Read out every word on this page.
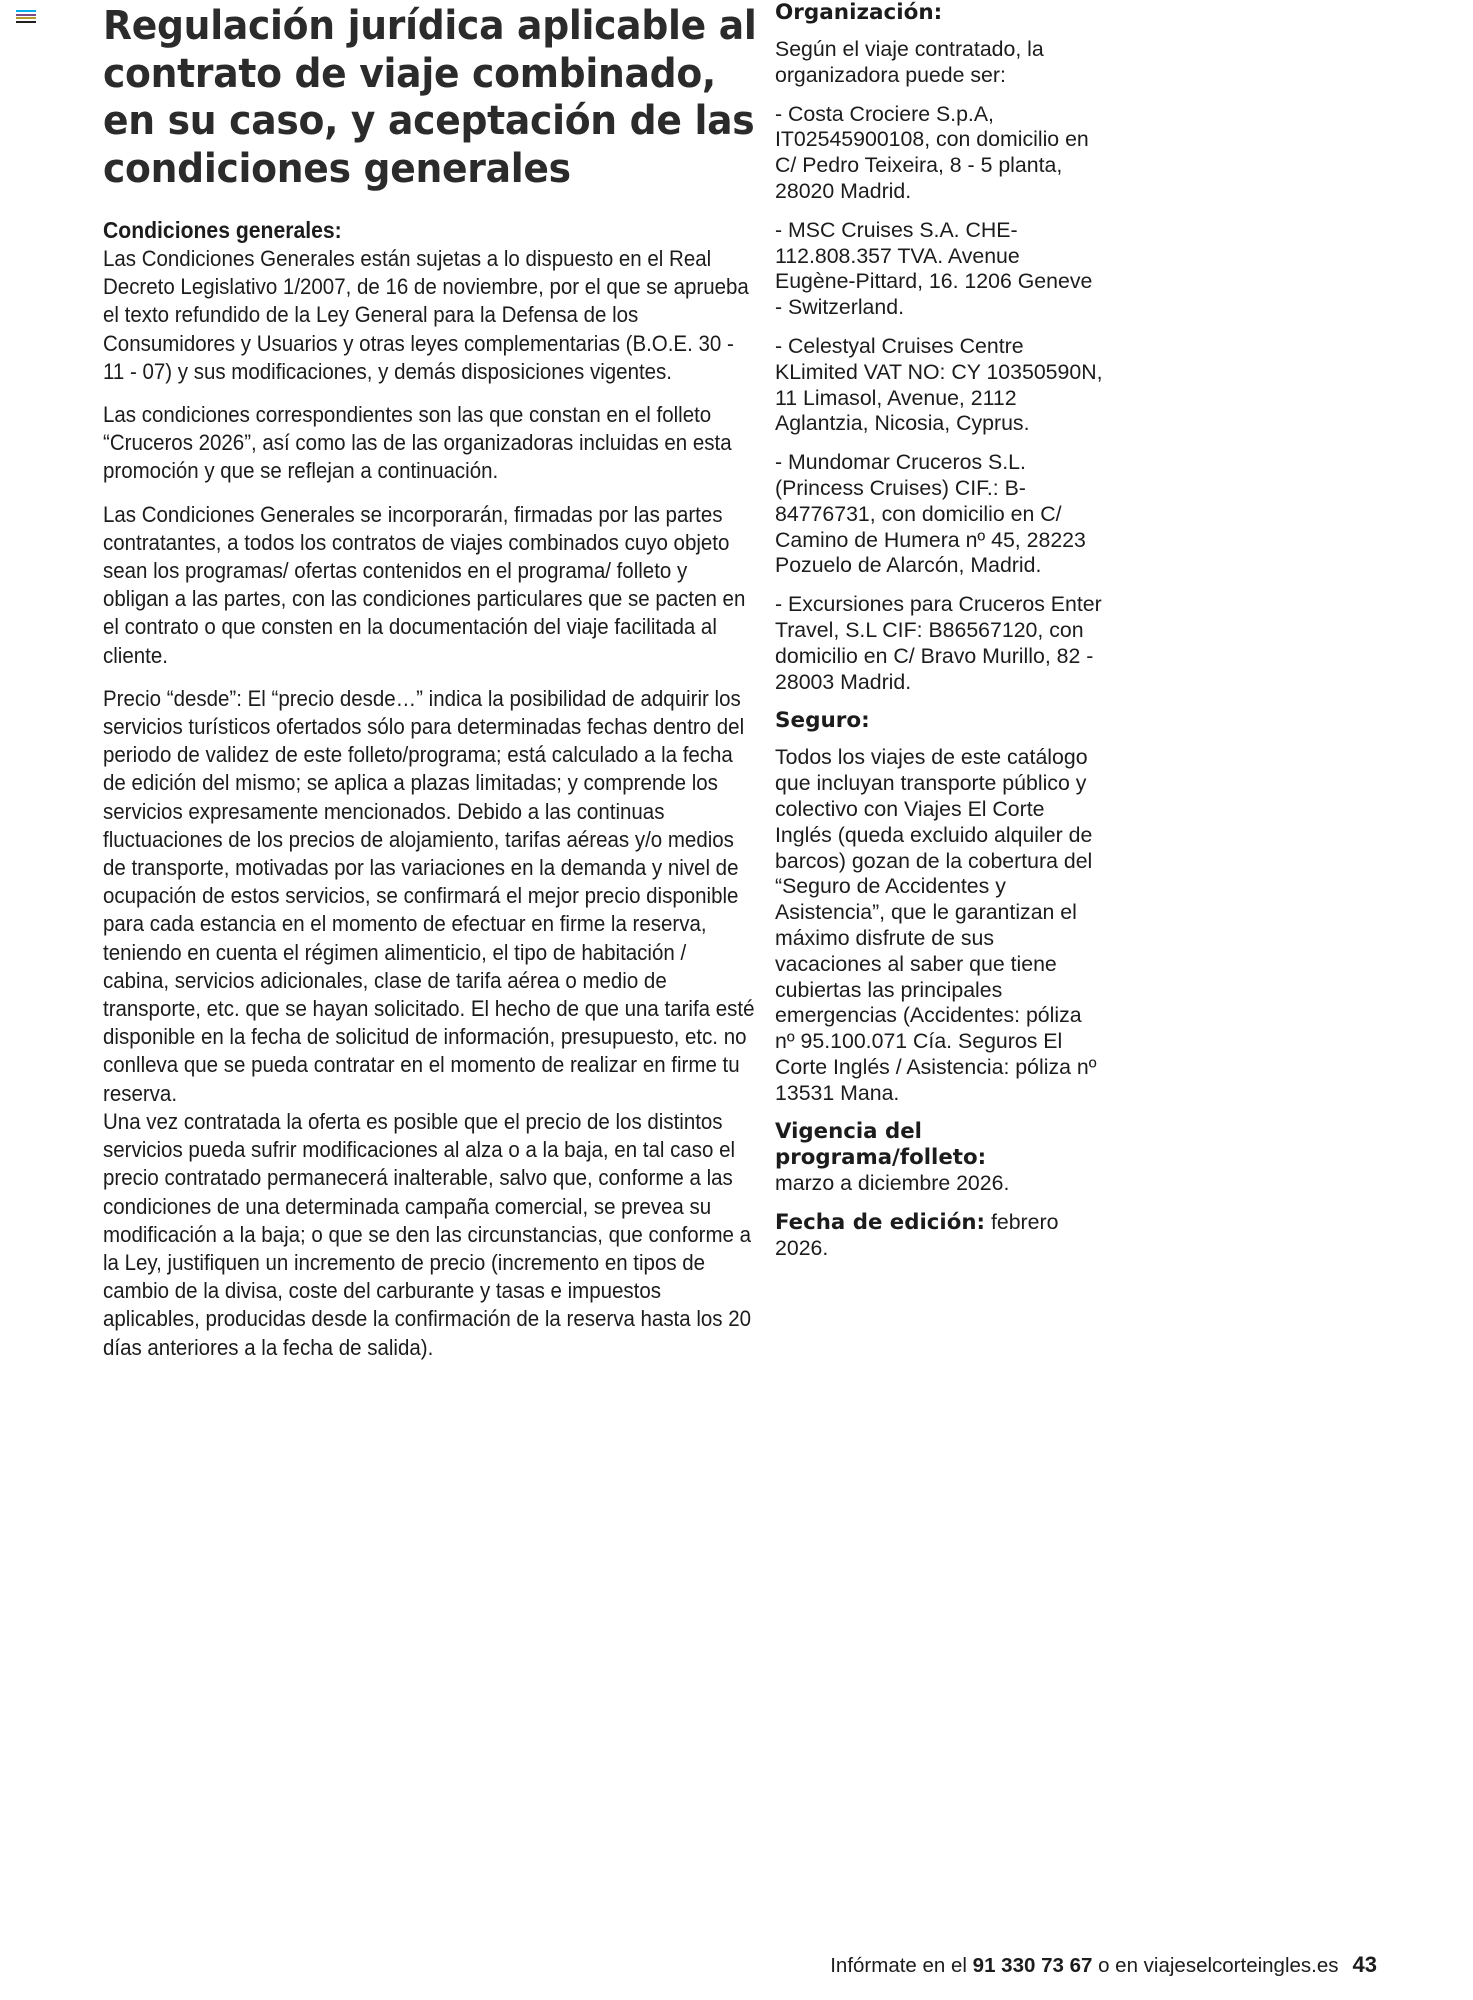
Regulación jurídica aplicable al contrato de viaje combinado, en su caso, y aceptación de las condiciones generales
Condiciones generales:

Las Condiciones Generales están sujetas a lo dispuesto en el Real Decreto Legislativo 1/2007, de 16 de noviembre, por el que se aprueba el texto refundido de la Ley General para la Defensa de los Consumidores y Usuarios y otras leyes complementarias (B.O.E. 30 - 11 - 07) y sus modificaciones, y demás disposiciones vigentes.

Las condiciones correspondientes son las que constan en el folleto “Cruceros 2026”, así como las de las organizadoras incluidas en esta promoción y que se reflejan a continuación.

Las Condiciones Generales se incorporarán, firmadas por las partes contratantes, a todos los contratos de viajes combinados cuyo objeto sean los programas/ ofertas contenidos en el programa/ folleto y obligan a las partes, con las condiciones particulares que se pacten en el contrato o que consten en la documentación del viaje facilitada al cliente.

Precio “desde”: El “precio desde…” indica la posibilidad de adquirir los servicios turísticos ofertados sólo para determinadas fechas dentro del periodo de validez de este folleto/programa; está calculado a la fecha de edición del mismo; se aplica a plazas limitadas; y comprende los servicios expresamente mencionados. Debido a las continuas fluctuaciones de los precios de alojamiento, tarifas aéreas y/o medios de transporte, motivadas por las variaciones en la demanda y nivel de ocupación de estos servicios, se confirmará el mejor precio disponible para cada estancia en el momento de efectuar en firme la reserva, teniendo en cuenta el régimen alimenticio, el tipo de habitación / cabina, servicios adicionales, clase de tarifa aérea o medio de transporte, etc. que se hayan solicitado. El hecho de que una tarifa esté disponible en la fecha de solicitud de información, presupuesto, etc. no conlleva que se pueda contratar en el momento de realizar en firme tu reserva.

Una vez contratada la oferta es posible que el precio de los distintos servicios pueda sufrir modificaciones al alza o a la baja, en tal caso el precio contratado permanecerá inalterable, salvo que, conforme a las condiciones de una determinada campaña comercial, se prevea su modificación a la baja; o que se den las circunstancias, que conforme a la Ley, justifiquen un incremento de precio (incremento en tipos de cambio de la divisa, coste del carburante y tasas e impuestos aplicables, producidas desde la confirmación de la reserva hasta los 20 días anteriores a la fecha de salida).

Organización:

Según el viaje contratado, la organizadora puede ser:

- Costa Crociere S.p.A, IT02545900108, con domicilio en C/ Pedro Teixeira, 8 - 5 planta, 28020 Madrid.

- MSC Cruises S.A. CHE-112.808.357 TVA. Avenue Eugène-Pittard, 16. 1206 Geneve - Switzerland.

- Celestyal Cruises Centre KLimited VAT NO: CY 10350590N, 11 Limasol, Avenue, 2112 Aglantzia, Nicosia, Cyprus.

- Mundomar Cruceros S.L. (Princess Cruises) CIF.: B-84776731, con domicilio en C/ Camino de Humera nº 45, 28223 Pozuelo de Alarcón, Madrid.

- Excursiones para Cruceros Enter Travel, S.L CIF: B86567120, con domicilio en C/ Bravo Murillo, 82 - 28003 Madrid.

Seguro:

Todos los viajes de este catálogo que incluyan transporte público y colectivo con Viajes El Corte Inglés (queda excluido alquiler de barcos) gozan de la cobertura del “Seguro de Accidentes y Asistencia”, que le garantizan el máximo disfrute de sus vacaciones al saber que tiene cubiertas las principales emergencias (Accidentes: póliza nº 95.100.071 Cía. Seguros El Corte Inglés / Asistencia: póliza nº 13531 Mana.

Vigencia del programa/folleto:
marzo a diciembre 2026.

Fecha de edición: febrero 2026.

Infórmate en el 91 330 73 67 o en viajeselcorteingles.es 43
